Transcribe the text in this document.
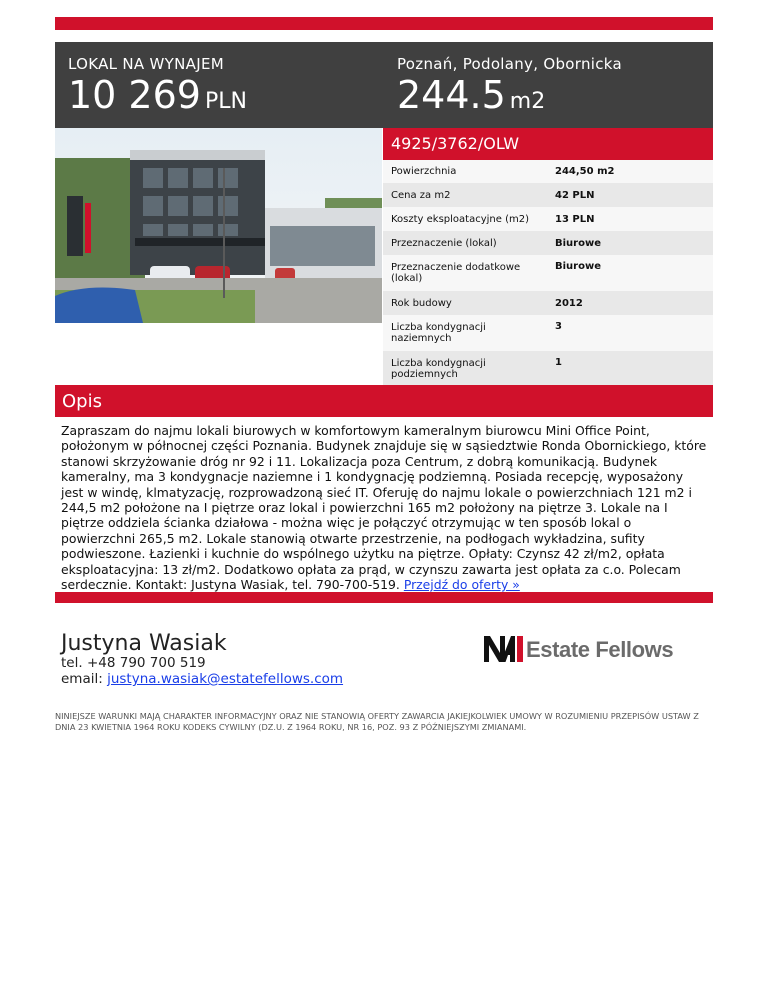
LOKAL NA WYNAJEM
10 269 PLN
Poznań, Podolany, Obornicka
244.5 m2
4925/3762/OLW
Powierzchnia	244,50 m2
Cena za m2	42 PLN
Koszty eksploatacyjne (m2)	13 PLN
Przeznaczenie (lokal)	Biurowe
Przeznaczenie dodatkowe (lokal)	Biurowe
Rok budowy	2012
Liczba kondygnacji naziemnych	3
Liczba kondygnacji podziemnych	1
Opis
Zapraszam do najmu lokali biurowych w komfortowym kameralnym biurowcu Mini Office Point, położonym w północnej części Poznania. Budynek znajduje się w sąsiedztwie Ronda Obornickiego, które stanowi skrzyżowanie dróg nr 92 i 11. Lokalizacja poza Centrum, z dobrą komunikacją. Budynek kameralny, ma 3 kondygnacje naziemne i 1 kondygnację podziemną. Posiada recepcję, wyposażony jest w windę, klmatyzację, rozprowadzoną sieć IT. Oferuję do najmu lokale o powierzchniach 121 m2 i 244,5 m2 położone na I piętrze oraz lokal i powierzchni 165 m2 położony na piętrze 3. Lokale na I piętrze oddziela ścianka działowa - można więc je połączyć otrzymując w ten sposób lokal o powierzchni 265,5 m2. Lokale stanowią otwarte przestrzenie, na podłogach wykładzina, sufity podwieszone. Łazienki i kuchnie do wspólnego użytku na piętrze. Opłaty: Czynsz 42 zł/m2, opłata eksploatacyjna: 13 zł/m2. Dodatkowo opłata za prąd, w czynszu zawarta jest opłata za c.o. Polecam serdecznie. Kontakt: Justyna Wasiak, tel. 790-700-519. Przejdź do oferty »
Justyna Wasiak
tel. +48 790 700 519
email: justyna.wasiak@estatefellows.com
Estate Fellows
NINIEJSZE WARUNKI MAJĄ CHARAKTER INFORMACYJNY ORAZ NIE STANOWIĄ OFERTY ZAWARCIA JAKIEJKOLWIEK UMOWY W ROZUMIENIU PRZEPISÓW USTAW Z DNIA 23 KWIETNIA 1964 ROKU KODEKS CYWILNY (DZ.U. Z 1964 ROKU, NR 16, POZ. 93 Z PÓŹNIEJSZYMI ZMIANAMI.
